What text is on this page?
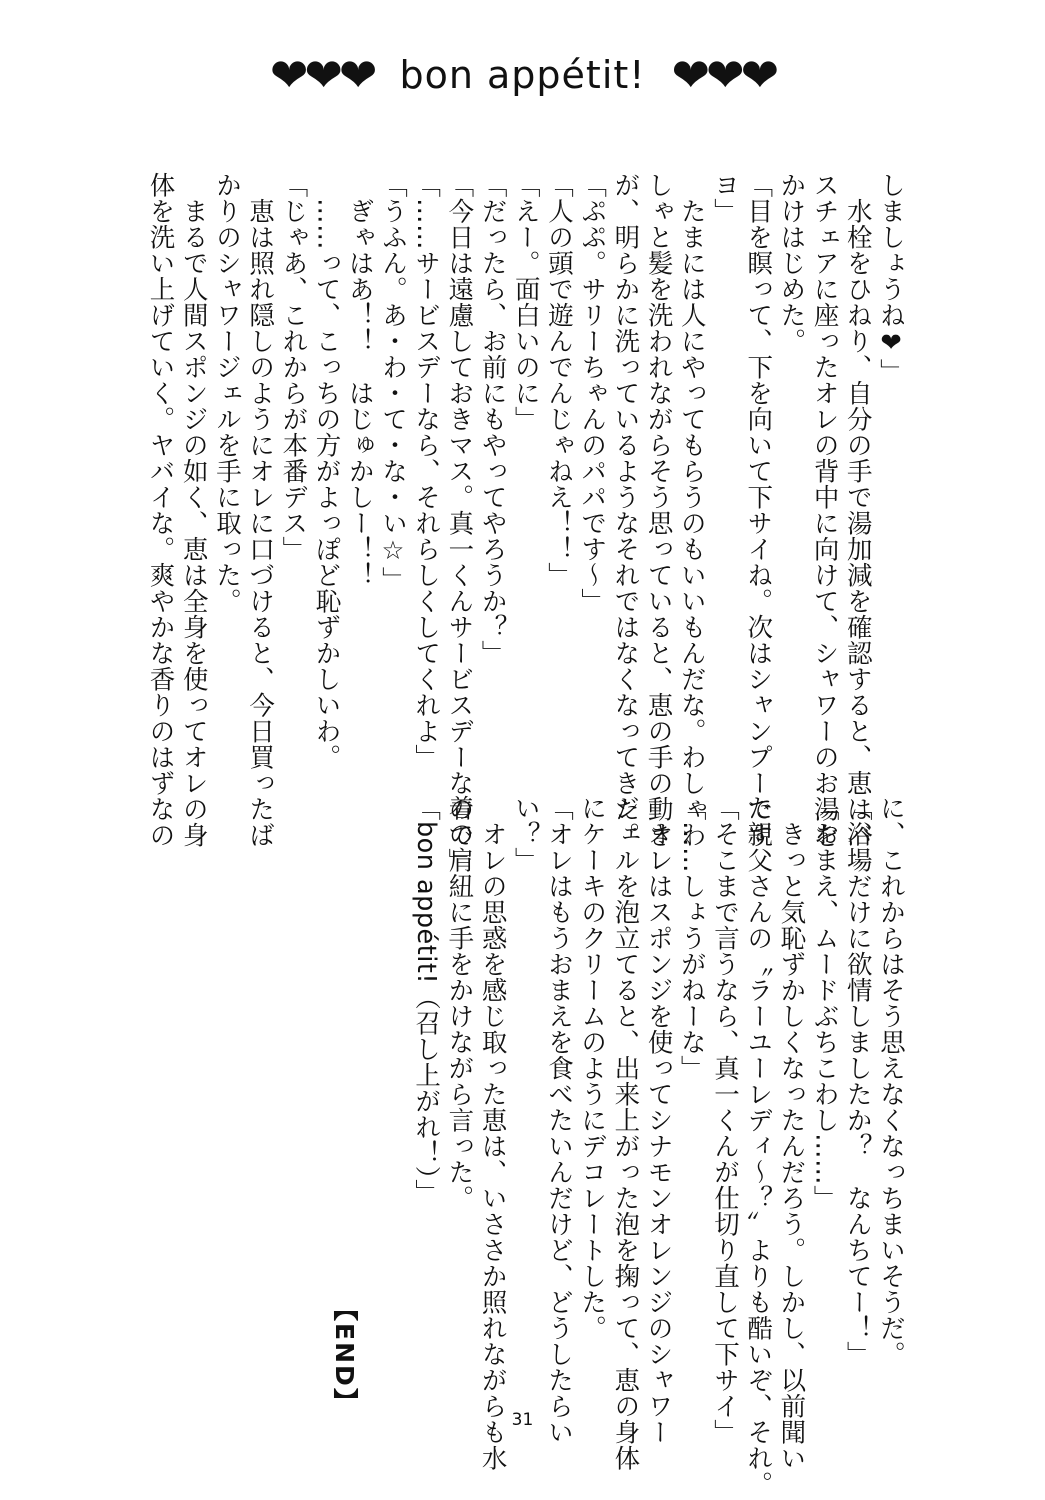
❤❤❤ bon appétit! ❤❤❤
しましょうね❤」
　水栓をひねり、自分の手で湯加減を確認すると、恵はバ
スチェアに座ったオレの背中に向けて、シャワーのお湯を
かけはじめた。
「目を瞑って、下を向いて下サイね。次はシャンプーです
ヨ」
　たまには人にやってもらうのもいいもんだな。わしゃわ
しゃと髪を洗われながらそう思っていると、恵の手の動き
が、明らかに洗っているようなそれではなくなってきた。
「ぷぷ。サリーちゃんのパパです～」
「人の頭で遊んでんじゃねえ！！」
「えー。面白いのに」
「だったら、お前にもやってやろうか？」
「今日は遠慮しておきマス。真一くんサービスデーなので」
「……サービスデーなら、それらしくしてくれよ」
「うふん。あ・わ・て・な・い☆」
　ぎゃはあ！！　はじゅかしー！！
　……って、こっちの方がよっぽど恥ずかしいわ。
「じゃあ、これからが本番デス」
　恵は照れ隠しのようにオレに口づけると、今日買ったば
かりのシャワージェルを手に取った。
　まるで人間スポンジの如く、恵は全身を使ってオレの身
体を洗い上げていく。ヤバイな。爽やかな香りのはずなの
に、これからはそう思えなくなっちまいそうだ。
「浴場だけに欲情しましたか？　なんちてー！」
「おまえ、ムードぶちこわし……」
　きっと気恥ずかしくなったんだろう。しかし、以前聞い
た親父さんの〝ラーユーレディ～？〟よりも酷いぞ、それ。
「そこまで言うなら、真一くんが仕切り直して下サイ」
「……しょうがねーな」
　オレはスポンジを使ってシナモンオレンジのシャワー
ジェルを泡立てると、出来上がった泡を掬って、恵の身体
にケーキのクリームのようにデコレートした。
「オレはもうおまえを食べたいんだけど、どうしたらい
い？」
　オレの思惑を感じ取った恵は、いささか照れながらも水
着の肩紐に手をかけながら言った。
「bon appétit!（召し上がれ！）」
【END】
31
